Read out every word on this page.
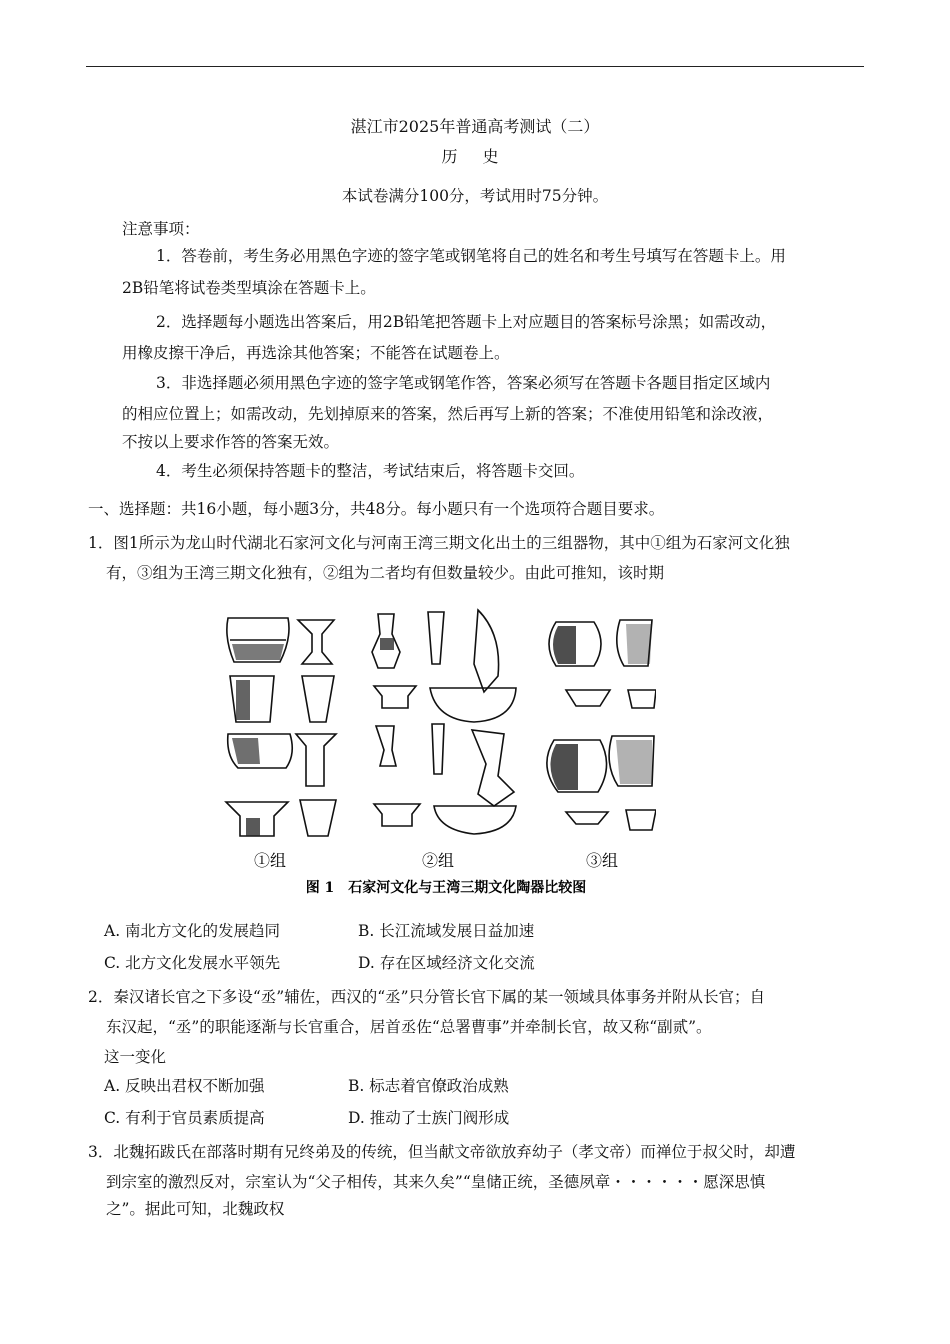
湛江市2025年普通高考测试（二）
历 史
本试卷满分100分，考试用时75分钟。
注意事项：
1．答卷前，考生务必用黑色字迹的签字笔或钢笔将自己的姓名和考生号填写在答题卡上。用
2B铅笔将试卷类型填涂在答题卡上。
2．选择题每小题选出答案后，用2B铅笔把答题卡上对应题目的答案标号涂黑；如需改动，
用橡皮擦干净后，再选涂其他答案；不能答在试题卷上。
3．非选择题必须用黑色字迹的签字笔或钢笔作答，答案必须写在答题卡各题目指定区域内
的相应位置上；如需改动，先划掉原来的答案，然后再写上新的答案；不准使用铅笔和涂改液，
不按以上要求作答的答案无效。
4．考生必须保持答题卡的整洁，考试结束后，将答题卡交回。
一、选择题：共16小题，每小题3分，共48分。每小题只有一个选项符合题目要求。
1．图1所示为龙山时代湖北石家河文化与河南王湾三期文化出土的三组器物，其中①组为石家河文化独
有，③组为王湾三期文化独有，②组为二者均有但数量较少。由此可推知，该时期
①组	②组	③组
图 1　石家河文化与王湾三期文化陶器比较图
A. 南北方文化的发展趋同	B. 长江流域发展日益加速
C. 北方文化发展水平领先	D. 存在区域经济文化交流
2．秦汉诸长官之下多设“丞”辅佐，西汉的“丞”只分管长官下属的某一领域具体事务并附从长官；自
东汉起，“丞”的职能逐渐与长官重合，居首丞佐“总署曹事”并牵制长官，故又称“副贰”。
这一变化
A. 反映出君权不断加强	B. 标志着官僚政治成熟
C. 有利于官员素质提高	D. 推动了士族门阀形成
3．北魏拓跋氏在部落时期有兄终弟及的传统，但当献文帝欲放弃幼子（孝文帝）而禅位于叔父时，却遭
到宗室的激烈反对，宗室认为“父子相传，其来久矣”“皇储正统，圣德夙章・・・・・・愿深思慎
之”。据此可知，北魏政权
